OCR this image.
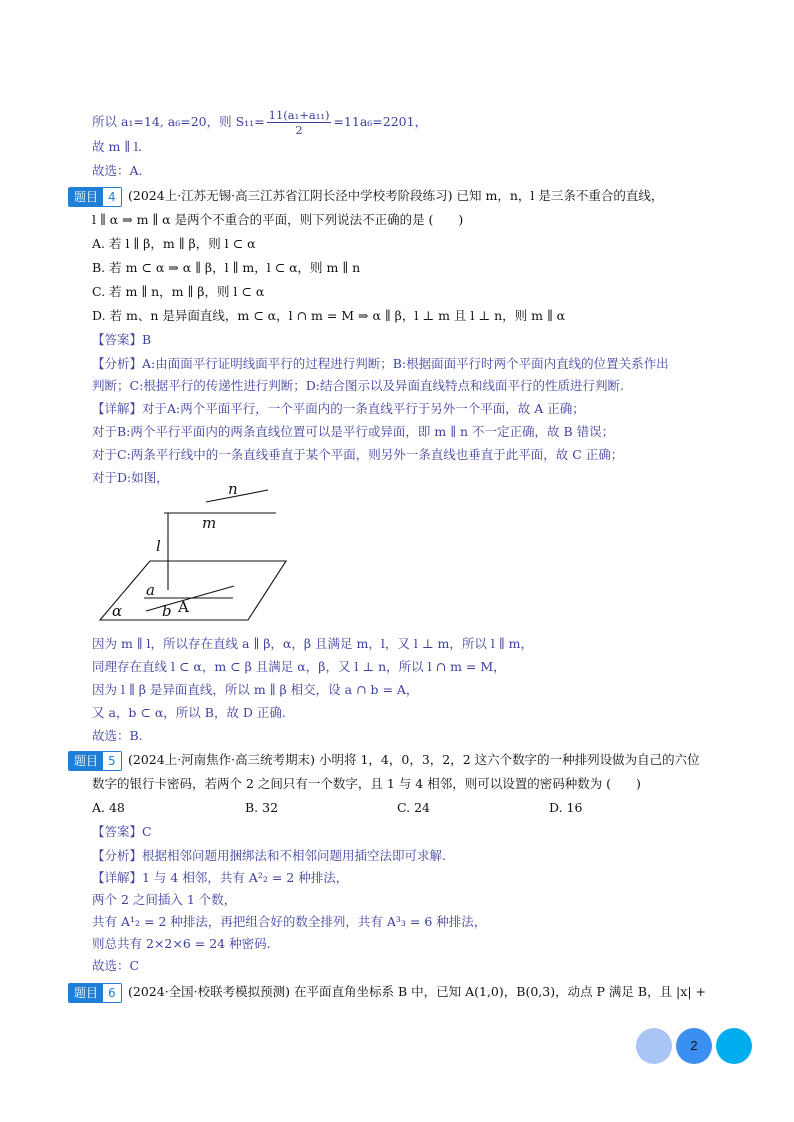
所以 a₁=14, a₆=20，则 $S_{11}= \frac{\text{11(a₁+a₁₁)}}{2} =11a_6=2201$，
故 m ∥ l.
故选：A.
题目 4 (2024上·江苏无锡·高三江苏省江阴长泾中学校考阶段练习) 已知 m，n，l 是三条不重合的直线，
l ∥ α ⇒ m ∥ α 是两个不重合的平面，则下列说法不正确的是 (　　)
A. 若 l ∥ β，m ∥ β，则 l ⊂ α
B. 若 m ⊂ α ⇒ α ∥ β，l ∥ m，l ⊂ α，则 m ∥ n
C. 若 m ∥ n，m ∥ β，则 l ⊂ α
D. 若 m、n 是异面直线，m ⊂ α，l ∩ m = M ⇒ α ∥ β，l ⊥ m 且 l ⊥ n，则 m ∥ α
【答案】B
【分析】A:由面面平行证明线面平行的过程进行判断；B:根据面面平行时两个平面内直线的位置关系作出
判断；C:根据平行的传递性进行判断；D:结合图示以及异面直线特点和线面平行的性质进行判断.
【详解】对于A:两个平面平行，一个平面内的一条直线平行于另外一个平面，故 A 正确；
对于B:两个平行平面内的两条直线位置可以是平行或异面，即 m ∥ n 不一定正确，故 B 错误；
对于C:两条平行线中的一条直线垂直于某个平面，则另外一条直线也垂直于此平面，故 C 正确；
对于D:如图，
n
m
l
a
b A
α
因为 m ∥ l，所以存在直线 a ∥ β，α，β 且满足 m，l，又 l ⊥ m，所以 l ∥ m，
同理存在直线 l ⊂ α，m ⊂ β 且满足 α，β，又 l ⊥ n，所以 l ∩ m = M，
因为 l ∥ β 是异面直线，所以 m ∥ β 相交，设 a ∩ b = A，
又 a，b ⊂ α，所以 B，故 D 正确.
故选：B.
题目 5 (2024上·河南焦作·高三统考期末) 小明将 1，4，0，3，2，2 这六个数字的一种排列设做为自己的六位
数字的银行卡密码，若两个 2 之间只有一个数字，且 1 与 4 相邻，则可以设置的密码种数为 (　　)
A. 48	B. 32	C. 24	D. 16
【答案】C
【分析】根据相邻问题用捆绑法和不相邻问题用插空法即可求解.
【详解】1 与 4 相邻，共有 A²₂ = 2 种排法，
两个 2 之间插入 1 个数，
共有 A¹₂ = 2 种排法，再把组合好的数全排列，共有 A³₃ = 6 种排法，
则总共有 2×2×6 = 24 种密码.
故选：C
题目 6 (2024·全国·校联考模拟预测) 在平面直角坐标系 B 中，已知 A(1,0)，B(0,3)，动点 P 满足 B，且 |x| +
2
